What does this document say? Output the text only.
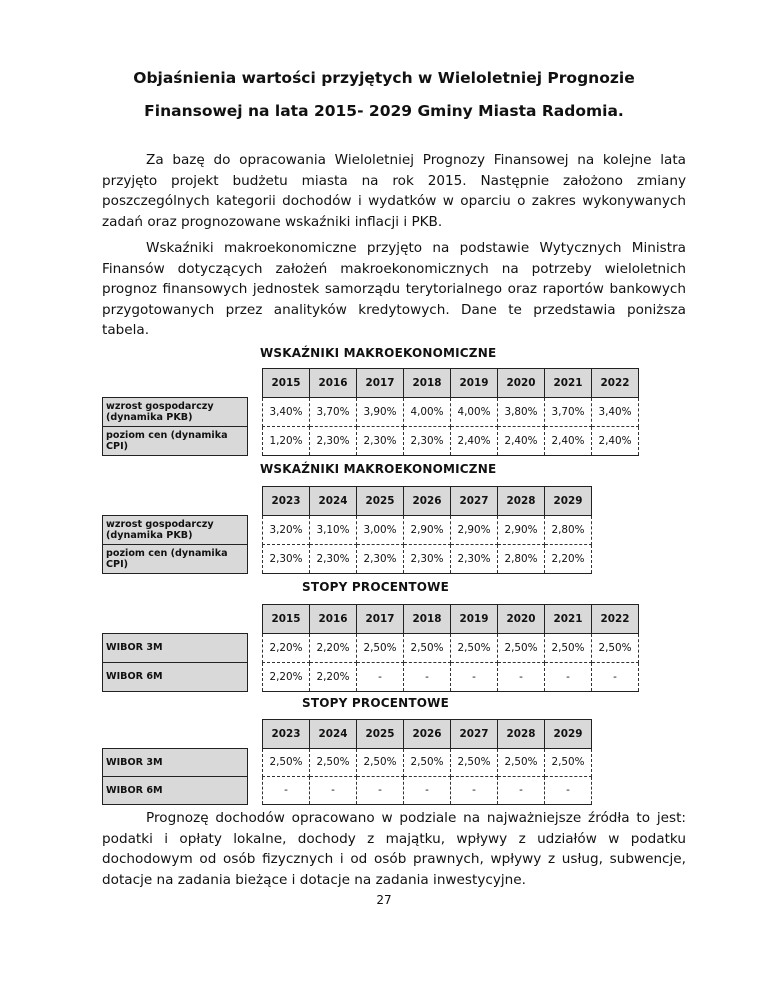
Objaśnienia wartości przyjętych w Wieloletniej Prognozie
Finansowej na lata 2015- 2029 Gminy Miasta Radomia.

Za bazę do opracowania Wieloletniej Prognozy Finansowej na kolejne lata przyjęto projekt budżetu miasta na rok 2015. Następnie założono zmiany poszczególnych kategorii dochodów i wydatków w oparciu o zakres wykonywanych zadań oraz prognozowane wskaźniki inflacji i PKB.

Wskaźniki makroekonomiczne przyjęto na podstawie Wytycznych Ministra Finansów dotyczących założeń makroekonomicznych na potrzeby wieloletnich prognoz finansowych jednostek samorządu terytorialnego oraz raportów bankowych przygotowanych przez analityków kredytowych. Dane te przedstawia poniższa tabela.

WSKAŹNIKI MAKROEKONOMICZNE
		2015	2016	2017	2018	2019	2020	2021	2022
wzrost gospodarczy (dynamika PKB)		3,40%	3,70%	3,90%	4,00%	4,00%	3,80%	3,70%	3,40%
poziom cen (dynamika CPI)		1,20%	2,30%	2,30%	2,30%	2,40%	2,40%	2,40%	2,40%
WSKAŹNIKI MAKROEKONOMICZNE
		2023	2024	2025	2026	2027	2028	2029
wzrost gospodarczy (dynamika PKB)		3,20%	3,10%	3,00%	2,90%	2,90%	2,90%	2,80%
poziom cen (dynamika CPI)		2,30%	2,30%	2,30%	2,30%	2,30%	2,80%	2,20%
STOPY PROCENTOWE
		2015	2016	2017	2018	2019	2020	2021	2022
WIBOR 3M		2,20%	2,20%	2,50%	2,50%	2,50%	2,50%	2,50%	2,50%
WIBOR 6M		2,20%	2,20%	-	-	-	-	-	-
STOPY PROCENTOWE
		2023	2024	2025	2026	2027	2028	2029
WIBOR 3M		2,50%	2,50%	2,50%	2,50%	2,50%	2,50%	2,50%
WIBOR 6M		-	-	-	-	-	-	-

Prognozę dochodów opracowano w podziale na najważniejsze źródła to jest: podatki i opłaty lokalne, dochody z majątku, wpływy z udziałów w podatku dochodowym od osób fizycznych i od osób prawnych, wpływy z usług, subwencje, dotacje na zadania bieżące i dotacje na zadania inwestycyjne.

27
